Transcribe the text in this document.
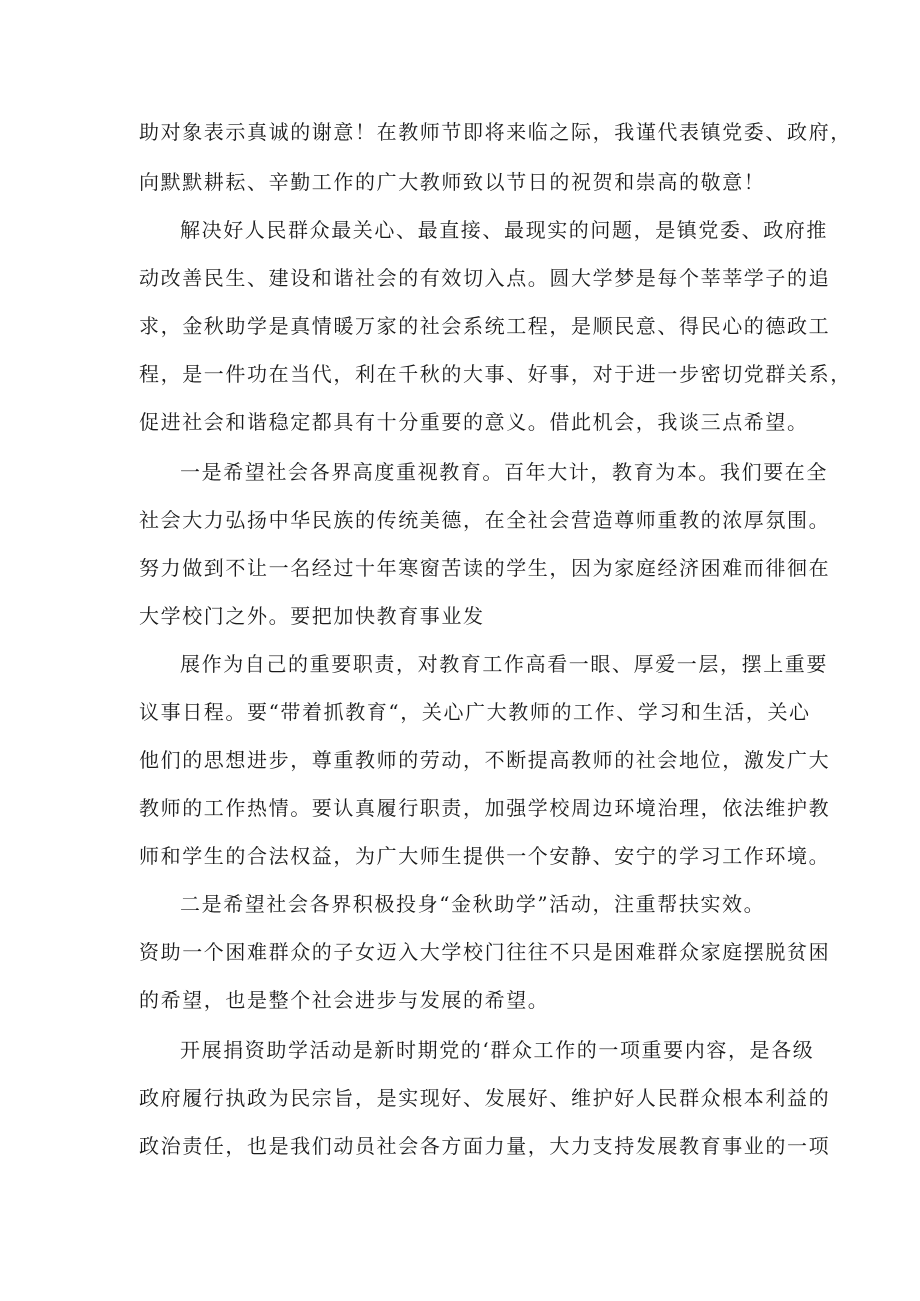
助对象表示真诚的谢意！在教师节即将来临之际，我谨代表镇党委、政府，
向默默耕耘、辛勤工作的广大教师致以节日的祝贺和崇高的敬意！
解决好人民群众最关心、最直接、最现实的问题，是镇党委、政府推
动改善民生、建设和谐社会的有效切入点。圆大学梦是每个莘莘学子的追
求，金秋助学是真情暖万家的社会系统工程，是顺民意、得民心的德政工
程，是一件功在当代，利在千秋的大事、好事，对于进一步密切党群关系，
促进社会和谐稳定都具有十分重要的意义。借此机会，我谈三点希望。
一是希望社会各界高度重视教育。百年大计，教育为本。我们要在全
社会大力弘扬中华民族的传统美德，在全社会营造尊师重教的浓厚氛围。
努力做到不让一名经过十年寒窗苦读的学生，因为家庭经济困难而徘徊在
大学校门之外。要把加快教育事业发
展作为自己的重要职责，对教育工作高看一眼、厚爱一层，摆上重要
议事日程。要“带着抓教育“，关心广大教师的工作、学习和生活，关心
他们的思想进步，尊重教师的劳动，不断提高教师的社会地位，激发广大
教师的工作热情。要认真履行职责，加强学校周边环境治理，依法维护教
师和学生的合法权益，为广大师生提供一个安静、安宁的学习工作环境。
二是希望社会各界积极投身“金秋助学”活动，注重帮扶实效。
资助一个困难群众的子女迈入大学校门往往不只是困难群众家庭摆脱贫困
的希望，也是整个社会进步与发展的希望。
开展捐资助学活动是新时期党的‘群众工作的一项重要内容，是各级
政府履行执政为民宗旨，是实现好、发展好、维护好人民群众根本利益的
政治责任，也是我们动员社会各方面力量，大力支持发展教育事业的一项
